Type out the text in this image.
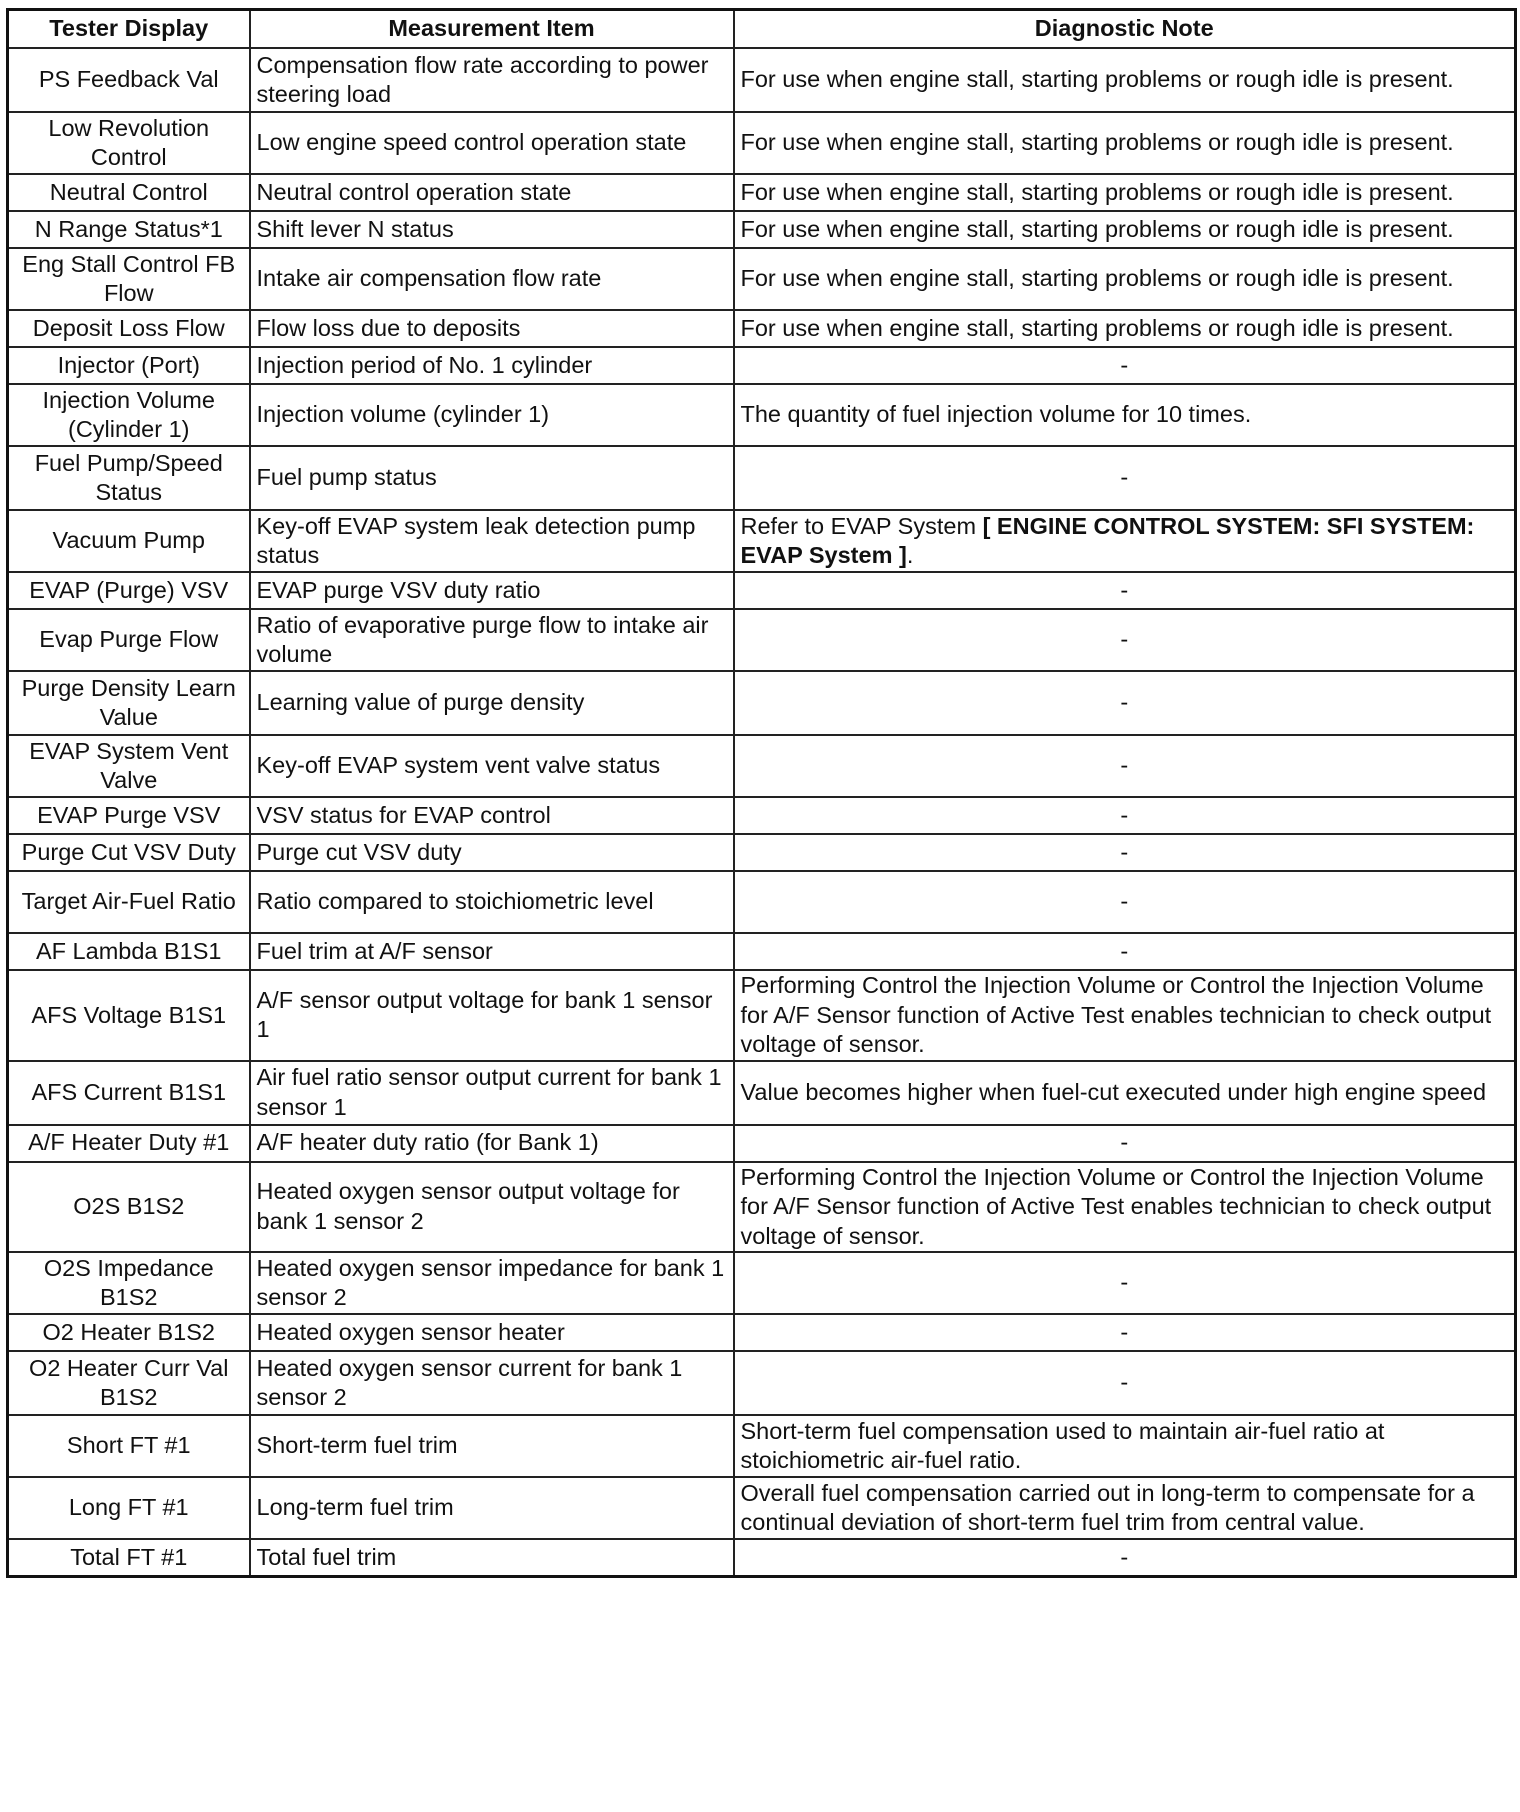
Tester Display	Measurement Item	Diagnostic Note
PS Feedback Val	Compensation flow rate according to power steering load	For use when engine stall, starting problems or rough idle is present.
Low Revolution Control	Low engine speed control operation state	For use when engine stall, starting problems or rough idle is present.
Neutral Control	Neutral control operation state	For use when engine stall, starting problems or rough idle is present.
N Range Status*1	Shift lever N status	For use when engine stall, starting problems or rough idle is present.
Eng Stall Control FB Flow	Intake air compensation flow rate	For use when engine stall, starting problems or rough idle is present.
Deposit Loss Flow	Flow loss due to deposits	For use when engine stall, starting problems or rough idle is present.
Injector (Port)	Injection period of No. 1 cylinder	-
Injection Volume (Cylinder 1)	Injection volume (cylinder 1)	The quantity of fuel injection volume for 10 times.
Fuel Pump/Speed Status	Fuel pump status	-
Vacuum Pump	Key-off EVAP system leak detection pump status	Refer to EVAP System [ ENGINE CONTROL SYSTEM: SFI SYSTEM: EVAP System ].
EVAP (Purge) VSV	EVAP purge VSV duty ratio	-
Evap Purge Flow	Ratio of evaporative purge flow to intake air volume	-
Purge Density Learn Value	Learning value of purge density	-
EVAP System Vent Valve	Key-off EVAP system vent valve status	-
EVAP Purge VSV	VSV status for EVAP control	-
Purge Cut VSV Duty	Purge cut VSV duty	-
Target Air-Fuel Ratio	Ratio compared to stoichiometric level	-
AF Lambda B1S1	Fuel trim at A/F sensor	-
AFS Voltage B1S1	A/F sensor output voltage for bank 1 sensor 1	Performing Control the Injection Volume or Control the Injection Volume for A/F Sensor function of Active Test enables technician to check output voltage of sensor.
AFS Current B1S1	Air fuel ratio sensor output current for bank 1 sensor 1	Value becomes higher when fuel-cut executed under high engine speed
A/F Heater Duty #1	A/F heater duty ratio (for Bank 1)	-
O2S B1S2	Heated oxygen sensor output voltage for bank 1 sensor 2	Performing Control the Injection Volume or Control the Injection Volume for A/F Sensor function of Active Test enables technician to check output voltage of sensor.
O2S Impedance B1S2	Heated oxygen sensor impedance for bank 1 sensor 2	-
O2 Heater B1S2	Heated oxygen sensor heater	-
O2 Heater Curr Val B1S2	Heated oxygen sensor current for bank 1 sensor 2	-
Short FT #1	Short-term fuel trim	Short-term fuel compensation used to maintain air-fuel ratio at stoichiometric air-fuel ratio.
Long FT #1	Long-term fuel trim	Overall fuel compensation carried out in long-term to compensate for a continual deviation of short-term fuel trim from central value.
Total FT #1	Total fuel trim	-
